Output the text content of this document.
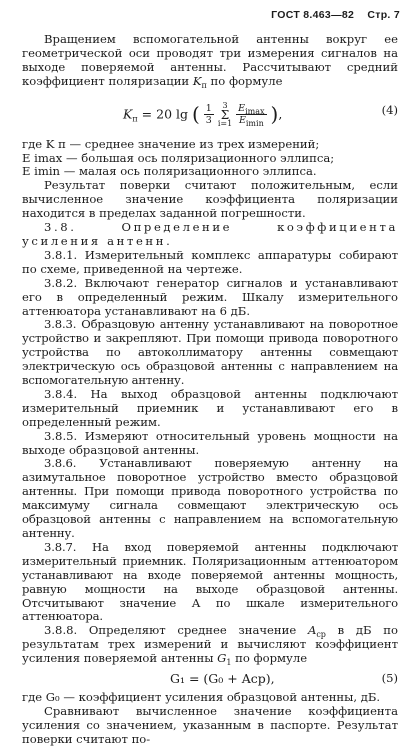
ГОСТ 8.463—82 Стр. 7

Вращением вспомогательной антенны вокруг ее геометрической оси проводят три измерения сигналов на выходе поверяемой антенны. Рассчитывают средний коэффициент поляризации $K_п$ по формуле

$K_п = 20$ lg ( $\frac{1}{3} 3$
Σ
$i=1 \frac{E_{imax}}{E_{imin}}$ ),	(4)
где K п — среднее значение из трех измерений;
E imax — большая ось поляризационного эллипса;
E imin — малая ось поляризационного эллипса.

Результат поверки считают положительным, если вычисленное значение коэффициента поляризации находится в пределах заданной погрешности.

3.8.	Определение коэффициента усиления антенн.

3.8.1. Измерительный комплекс аппаратуры собирают по схеме, приведенной на чертеже.

3.8.2. Включают генератор сигналов и устанавливают его в определенный режим. Шкалу измерительного аттенюатора устанавливают на 6 дБ.

3.8.3. Образцовую антенну устанавливают на поворотное устройство и закрепляют. При помощи привода поворотного устройства по автоколлиматору антенны совмещают электрическую ось образцовой антенны с направлением на вспомогательную антенну.

3.8.4. На выход образцовой антенны подключают измерительный приемник и устанавливают его в определенный режим.

3.8.5. Измеряют относительный уровень мощности на выходе образцовой антенны.

3.8.6. Устанавливают поверяемую антенну на азимутальное поворотное устройство вместо образцовой антенны. При помощи привода поворотного устройства по максимуму сигнала совмещают электрическую ось образцовой антенны с направлением на вспомогательную антенну.

3.8.7. На вход поверяемой антенны подключают измерительный приемник. Поляризационным аттенюатором устанавливают на входе поверяемой антенны мощность, равную мощности на выходе образцовой антенны. Отсчитывают значение A по шкале измерительного аттенюатора.

3.8.8. Определяют среднее значение $A_{ср}$ в дБ по результатам трех измерений и вычисляют коэффициент усиления поверяемой антенны $G_1$ по формуле

G₁ = (G₀ + Aср),	(5)
где G₀ — коэффициент усиления образцовой антенны, дБ.

Сравнивают вычисленное значение коэффициента усиления со значением, указанным в паспорте. Результат поверки считают по-
